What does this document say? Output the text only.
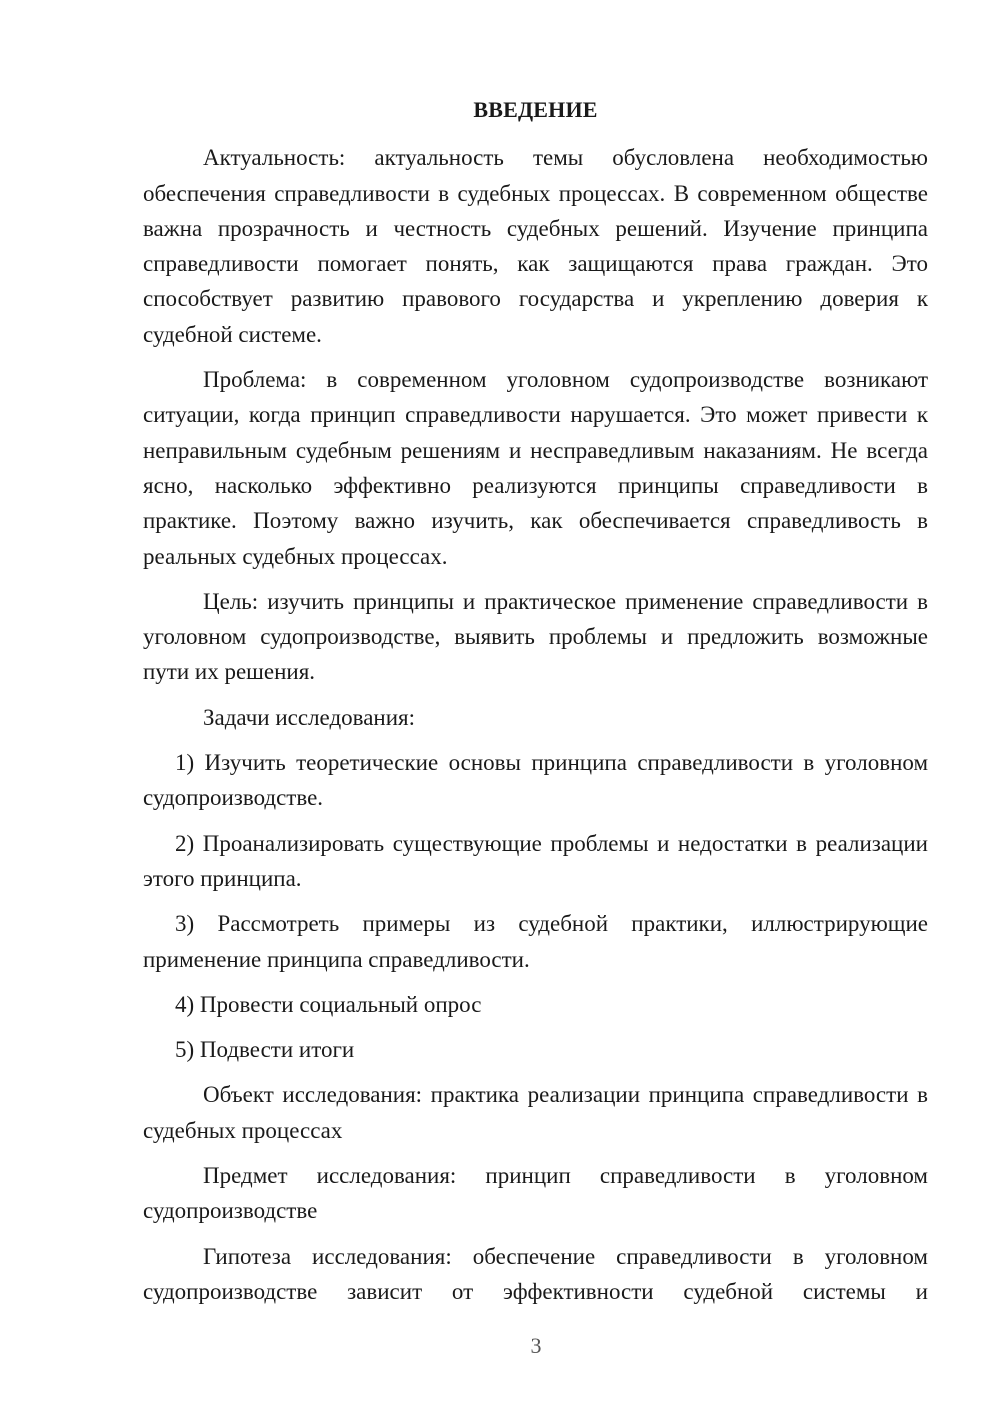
ВВЕДЕНИЕ

Актуальность: актуальность темы обусловлена необходимостью обеспечения справедливости в судебных процессах. В современном обществе важна прозрачность и честность судебных решений. Изучение принципа справедливости помогает понять, как защищаются права граждан. Это способствует развитию правового государства и укреплению доверия к судебной системе.

Проблема: в современном уголовном судопроизводстве возникают ситуации, когда принцип справедливости нарушается. Это может привести к неправильным судебным решениям и несправедливым наказаниям. Не всегда ясно, насколько эффективно реализуются принципы справедливости в практике. Поэтому важно изучить, как обеспечивается справедливость в реальных судебных процессах.

Цель: изучить принципы и практическое применение справедливости в уголовном судопроизводстве, выявить проблемы и предложить возможные пути их решения.

Задачи исследования:

1) Изучить теоретические основы принципа справедливости в уголовном судопроизводстве.

2) Проанализировать существующие проблемы и недостатки в реализации этого принципа.

3) Рассмотреть примеры из судебной практики, иллюстрирующие применение принципа справедливости.

4) Провести социальный опрос

5) Подвести итоги

Объект исследования: практика реализации принципа справедливости в судебных процессах

Предмет исследования: принцип справедливости в уголовном судопроизводстве

Гипотеза исследования: обеспечение справедливости в уголовном судопроизводстве зависит от эффективности судебной системы и

3
